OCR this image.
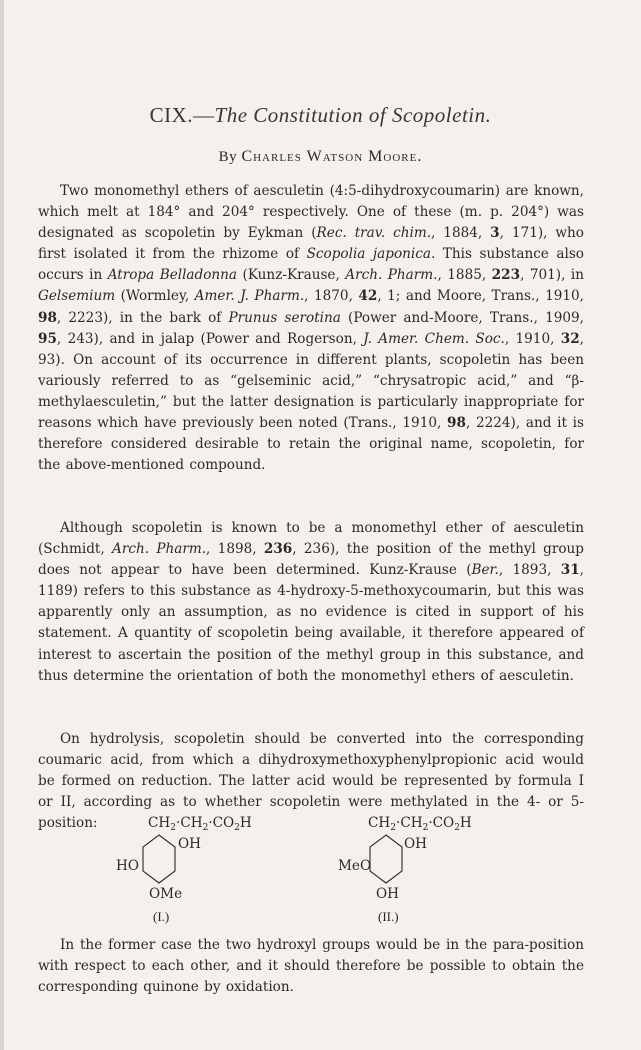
CIX.—The Constitution of Scopoletin.
By Charles Watson Moore.
Two monomethyl ethers of aesculetin (4:5-dihydroxycoumarin) are known, which melt at 184° and 204° respectively. One of these (m. p. 204°) was designated as scopoletin by Eykman (Rec. trav. chim., 1884, 3, 171), who first isolated it from the rhizome of Scopolia japonica. This substance also occurs in Atropa Belladonna (Kunz-Krause, Arch. Pharm., 1885, 223, 701), in Gelsemium (Wormley, Amer. J. Pharm., 1870, 42, 1; and Moore, Trans., 1910, 98, 2223), in the bark of Prunus serotina (Power and-Moore, Trans., 1909, 95, 243), and in jalap (Power and Rogerson, J. Amer. Chem. Soc., 1910, 32, 93). On account of its occurrence in different plants, scopoletin has been variously referred to as “gelseminic acid,” “chrysatropic acid,” and “β-methylaesculetin,” but the latter designation is particularly inappropriate for reasons which have previously been noted (Trans., 1910, 98, 2224), and it is therefore considered desirable to retain the original name, scopoletin, for the above-mentioned compound.
Although scopoletin is known to be a monomethyl ether of aesculetin (Schmidt, Arch. Pharm., 1898, 236, 236), the position of the methyl group does not appear to have been determined. Kunz-Krause (Ber., 1893, 31, 1189) refers to this substance as 4-hydroxy-5-methoxycoumarin, but this was apparently only an assumption, as no evidence is cited in support of his statement. A quantity of scopoletin being available, it therefore appeared of interest to ascertain the position of the methyl group in this substance, and thus determine the orientation of both the monomethyl ethers of aesculetin.
On hydrolysis, scopoletin should be converted into the corresponding coumaric acid, from which a dihydroxymethoxyphenylpropionic acid would be formed on reduction. The latter acid would be represented by formula I or II, according as to whether scopoletin were methylated in the 4- or 5-position:	$CH_2\cdot CH_2\cdot CO_2H$
OH
HO
OMe
(I.)
$CH_2\cdot CH_2\cdot CO_2H$
OH
MeO
OH
(II.)
In the former case the two hydroxyl groups would be in the para-position with respect to each other, and it should therefore be possible to obtain the corresponding quinone by oxidation.
